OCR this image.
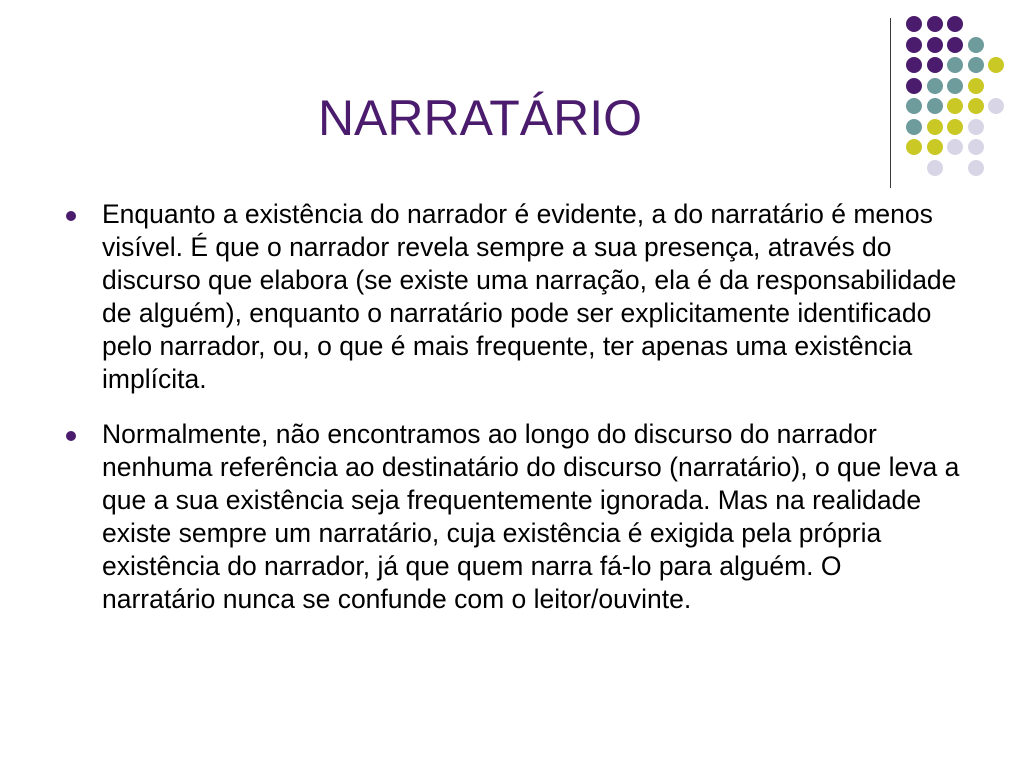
NARRATÁRIO
Enquanto a existência do narrador é evidente, a do narratário é menos visível. É que o narrador revela sempre a sua presença, através do discurso que elabora (se existe uma narração, ela é da responsabilidade de alguém), enquanto o narratário pode ser explicitamente identificado pelo narrador, ou, o que é mais frequente, ter apenas uma existência implícita.
Normalmente, não encontramos ao longo do discurso do narrador nenhuma referência ao destinatário do discurso (narratário), o que leva a que a sua existência seja frequentemente ignorada. Mas na realidade existe sempre um narratário, cuja existência é exigida pela própria existência do narrador, já que quem narra fá-lo para alguém. O narratário nunca se confunde com o leitor/ouvinte.
